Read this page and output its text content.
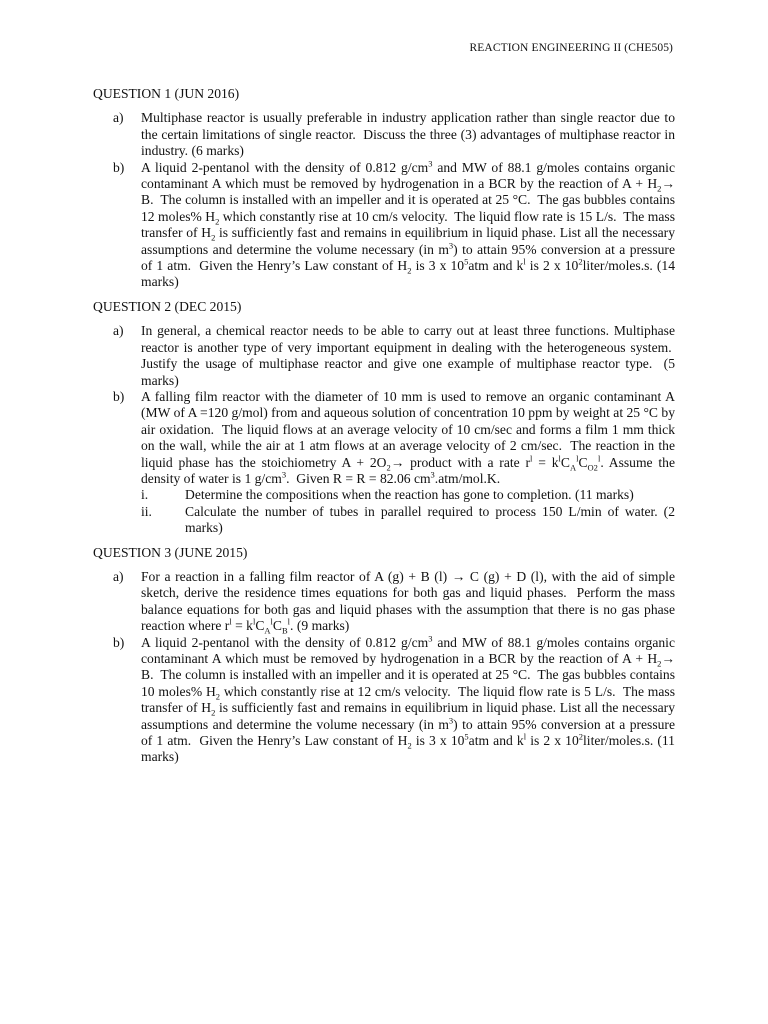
REACTION ENGINEERING II (CHE505)
QUESTION 1 (JUN 2016)
a)	Multiphase reactor is usually preferable in industry application rather than single reactor due to the certain limitations of single reactor.  Discuss the three (3) advantages of multiphase reactor in industry. (6 marks)
b)	A liquid 2-pentanol with the density of 0.812 $g/cm^3$ and MW of 88.1 g/moles contains organic contaminant A which must be removed by hydrogenation in a BCR by the reaction of $A + H_2\to B$.  The column is installed with an impeller and it is operated at 25 °C.  The gas bubbles contains 12 moles% $H_2$ which constantly rise at 10 cm/s velocity.  The liquid flow rate is 15 L/s.  The mass transfer of $H_2$ is sufficiently fast and remains in equilibrium in liquid phase. List all the necessary assumptions and determine the volume necessary (in $m^3$) to attain 95% conversion at a pressure of 1 atm.  Given the Henry’s Law constant of $H_2$ is 3 x $10^5atm$ and $k^l$ is 2 x $10^2liter/moles.s$. (14 marks)
QUESTION 2 (DEC 2015)
a)	In general, a chemical reactor needs to be able to carry out at least three functions. Multiphase reactor is another type of very important equipment in dealing with the heterogeneous system.  Justify the usage of multiphase reactor and give one example of multiphase reactor type.  (5 marks)
b)	A falling film reactor with the diameter of 10 mm is used to remove an organic contaminant A (MW of A =120 g/mol) from and aqueous solution of concentration 10 ppm by weight at 25 °C by air oxidation.  The liquid flows at an average velocity of 10 cm/sec and forms a film 1 mm thick on the wall, while the air at 1 atm flows at an average velocity of 2 cm/sec.  The reaction in the liquid phase has the stoichiometry $A + 2O_2\to$ product with a rate $r^l = k^lC_A^lC_{O2}^l$. Assume the density of water is 1 $g/cm^3$.  Given R = R = 82.06 $cm^3.atm/mol.K$.
i.	Determine the compositions when the reaction has gone to completion. (11 marks)
ii.	Calculate the number of tubes in parallel required to process 150 L/min of water. (2 marks)
QUESTION 3 (JUNE 2015)
a)	For a reaction in a falling film reactor of A (g) + B (l) → C (g) + D (l), with the aid of simple sketch, derive the residence times equations for both gas and liquid phases.  Perform the mass balance equations for both gas and liquid phases with the assumption that there is no gas phase reaction where $r^l = k^lC_A^lC_B^l$. (9 marks)
b)	A liquid 2-pentanol with the density of 0.812 $g/cm^3$ and MW of 88.1 g/moles contains organic contaminant A which must be removed by hydrogenation in a BCR by the reaction of $A + H_2\to B$.  The column is installed with an impeller and it is operated at 25 °C.  The gas bubbles contains 10 moles% $H_2$ which constantly rise at 12 cm/s velocity.  The liquid flow rate is 5 L/s.  The mass transfer of $H_2$ is sufficiently fast and remains in equilibrium in liquid phase. List all the necessary assumptions and determine the volume necessary (in $m^3$) to attain 95% conversion at a pressure of 1 atm.  Given the Henry’s Law constant of $H_2$ is 3 x $10^5atm$ and $k^l$ is 2 x $10^2liter/moles.s$. (11 marks)
